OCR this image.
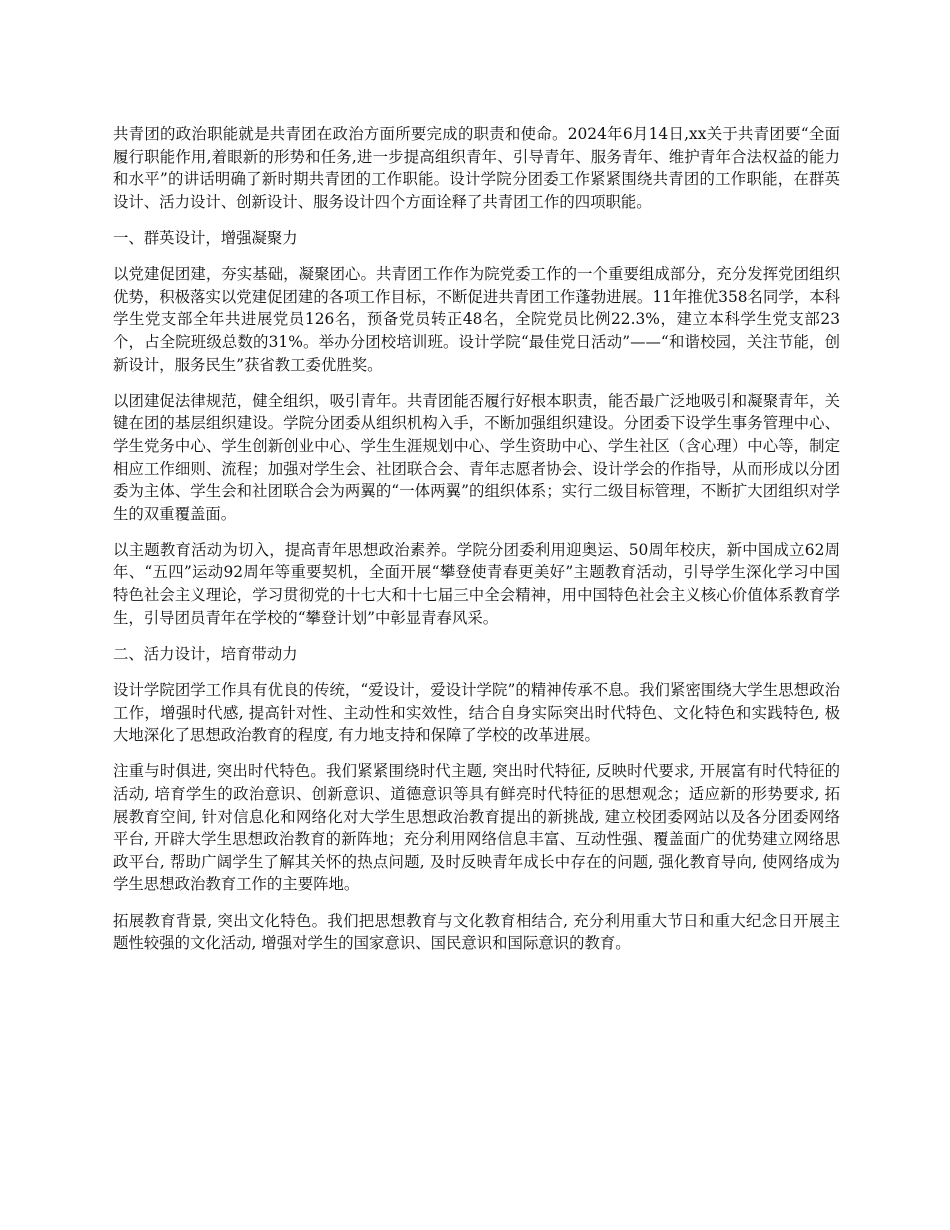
共青团的政治职能就是共青团在政治方面所要完成的职责和使命。2024年6月14日,xx关于共青团要“全面履行职能作用,着眼新的形势和任务,进一步提高组织青年、引导青年、服务青年、维护青年合法权益的能力和水平”的讲话明确了新时期共青团的工作职能。设计学院分团委工作紧紧围绕共青团的工作职能，在群英设计、活力设计、创新设计、服务设计四个方面诠释了共青团工作的四项职能。

一、群英设计，增强凝聚力

以党建促团建，夯实基础，凝聚团心。共青团工作作为院党委工作的一个重要组成部分，充分发挥党团组织优势，积极落实以党建促团建的各项工作目标，不断促进共青团工作蓬勃进展。11年推优358名同学，本科学生党支部全年共进展党员126名，预备党员转正48名，全院党员比例22.3%，建立本科学生党支部23个，占全院班级总数的31%。举办分团校培训班。设计学院“最佳党日活动”——“和谐校园，关注节能，创新设计，服务民生”获省教工委优胜奖。

以团建促法律规范，健全组织，吸引青年。共青团能否履行好根本职责，能否最广泛地吸引和凝聚青年，关键在团的基层组织建设。学院分团委从组织机构入手，不断加强组织建设。分团委下设学生事务管理中心、学生党务中心、学生创新创业中心、学生生涯规划中心、学生资助中心、学生社区（含心理）中心等，制定相应工作细则、流程；加强对学生会、社团联合会、青年志愿者协会、设计学会的作指导，从而形成以分团委为主体、学生会和社团联合会为两翼的“一体两翼”的组织体系；实行二级目标管理，不断扩大团组织对学生的双重覆盖面。

以主题教育活动为切入，提高青年思想政治素养。学院分团委利用迎奥运、50周年校庆，新中国成立62周年、“五四”运动92周年等重要契机，全面开展“攀登使青春更美好”主题教育活动，引导学生深化学习中国特色社会主义理论，学习贯彻党的十七大和十七届三中全会精神，用中国特色社会主义核心价值体系教育学生，引导团员青年在学校的“攀登计划”中彰显青春风采。

二、活力设计，培育带动力

设计学院团学工作具有优良的传统，“爱设计，爱设计学院”的精神传承不息。我们紧密围绕大学生思想政治工作，增强时代感, 提高针对性、主动性和实效性，结合自身实际突出时代特色、文化特色和实践特色, 极大地深化了思想政治教育的程度, 有力地支持和保障了学校的改革进展。

注重与时俱进, 突出时代特色。我们紧紧围绕时代主题, 突出时代特征, 反映时代要求, 开展富有时代特征的活动, 培育学生的政治意识、创新意识、道德意识等具有鲜亮时代特征的思想观念；适应新的形势要求, 拓展教育空间, 针对信息化和网络化对大学生思想政治教育提出的新挑战, 建立校团委网站以及各分团委网络平台, 开辟大学生思想政治教育的新阵地；充分利用网络信息丰富、互动性强、覆盖面广的优势建立网络思政平台, 帮助广阔学生了解其关怀的热点问题, 及时反映青年成长中存在的问题, 强化教育导向, 使网络成为学生思想政治教育工作的主要阵地。

拓展教育背景, 突出文化特色。我们把思想教育与文化教育相结合, 充分利用重大节日和重大纪念日开展主题性较强的文化活动, 增强对学生的国家意识、国民意识和国际意识的教育。
